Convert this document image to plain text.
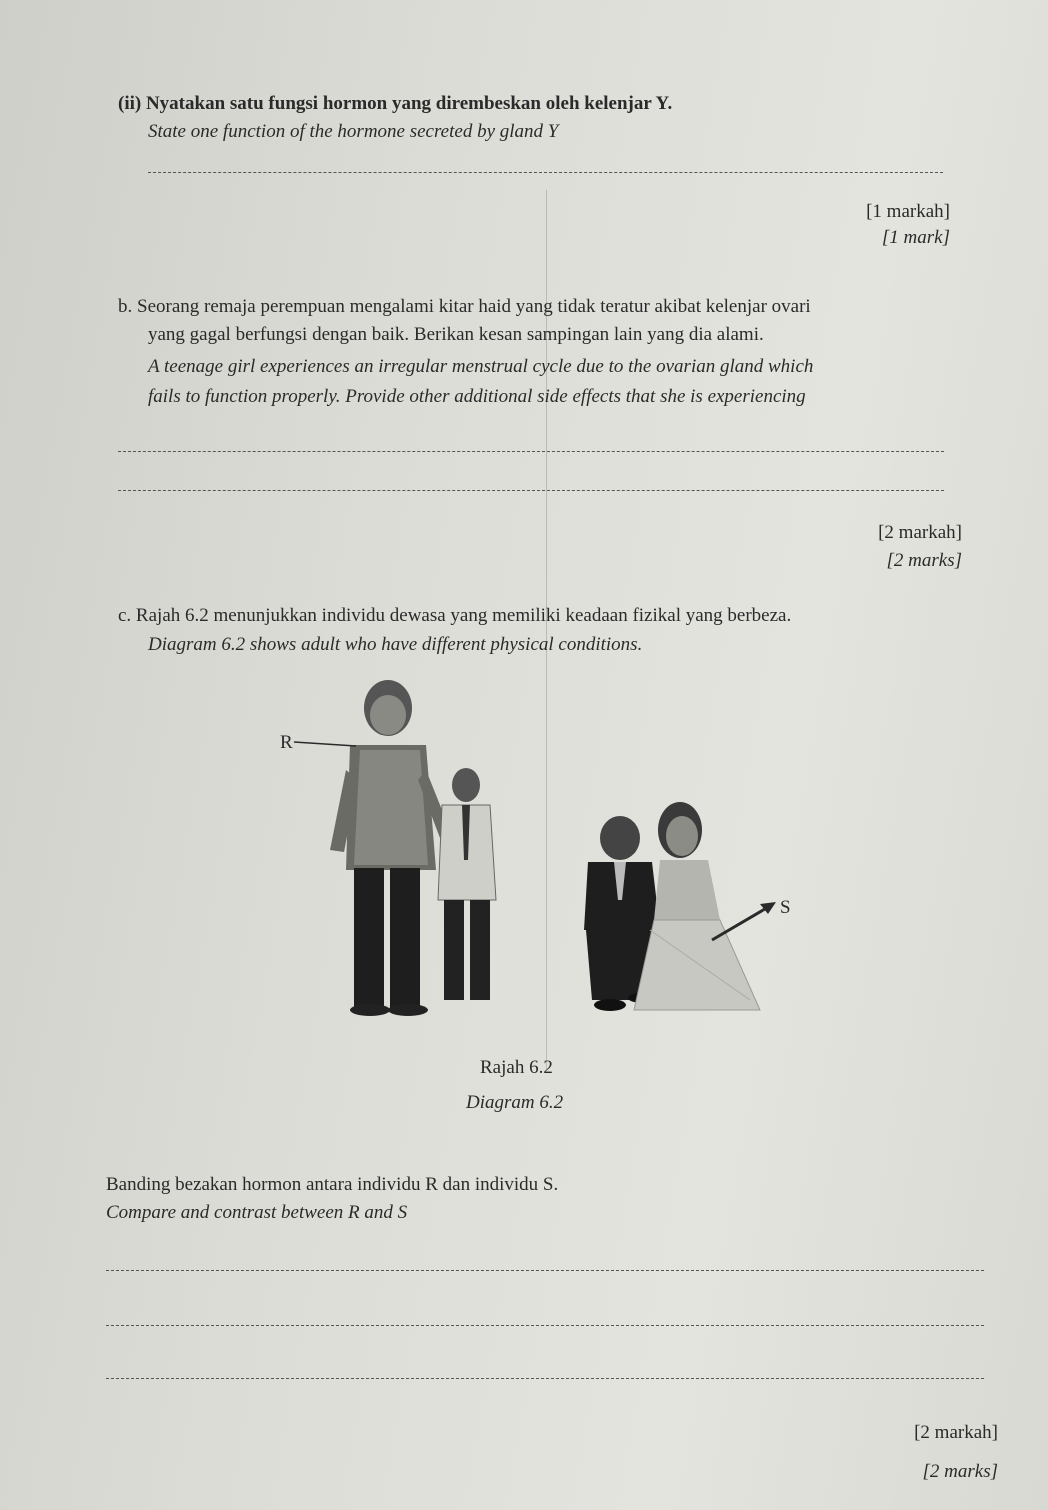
(ii) Nyatakan satu fungsi hormon yang dirembeskan oleh kelenjar Y.
State one function of the hormone secreted by gland Y
[1 markah]
[1 mark]
b. Seorang remaja perempuan mengalami kitar haid yang tidak teratur akibat kelenjar ovari
yang gagal berfungsi dengan baik. Berikan kesan sampingan lain yang dia alami.
A teenage girl experiences an irregular menstrual cycle due to the ovarian gland which
fails to function properly. Provide other additional side effects that she is experiencing
[2 markah]
[2 marks]
c. Rajah 6.2 menunjukkan individu dewasa yang memiliki keadaan fizikal yang berbeza.
Diagram 6.2 shows adult who have different physical conditions.
R
S
Rajah 6.2
Diagram 6.2
Banding bezakan hormon antara individu R dan individu S.
Compare and contrast between R and S
[2 markah]
[2 marks]
